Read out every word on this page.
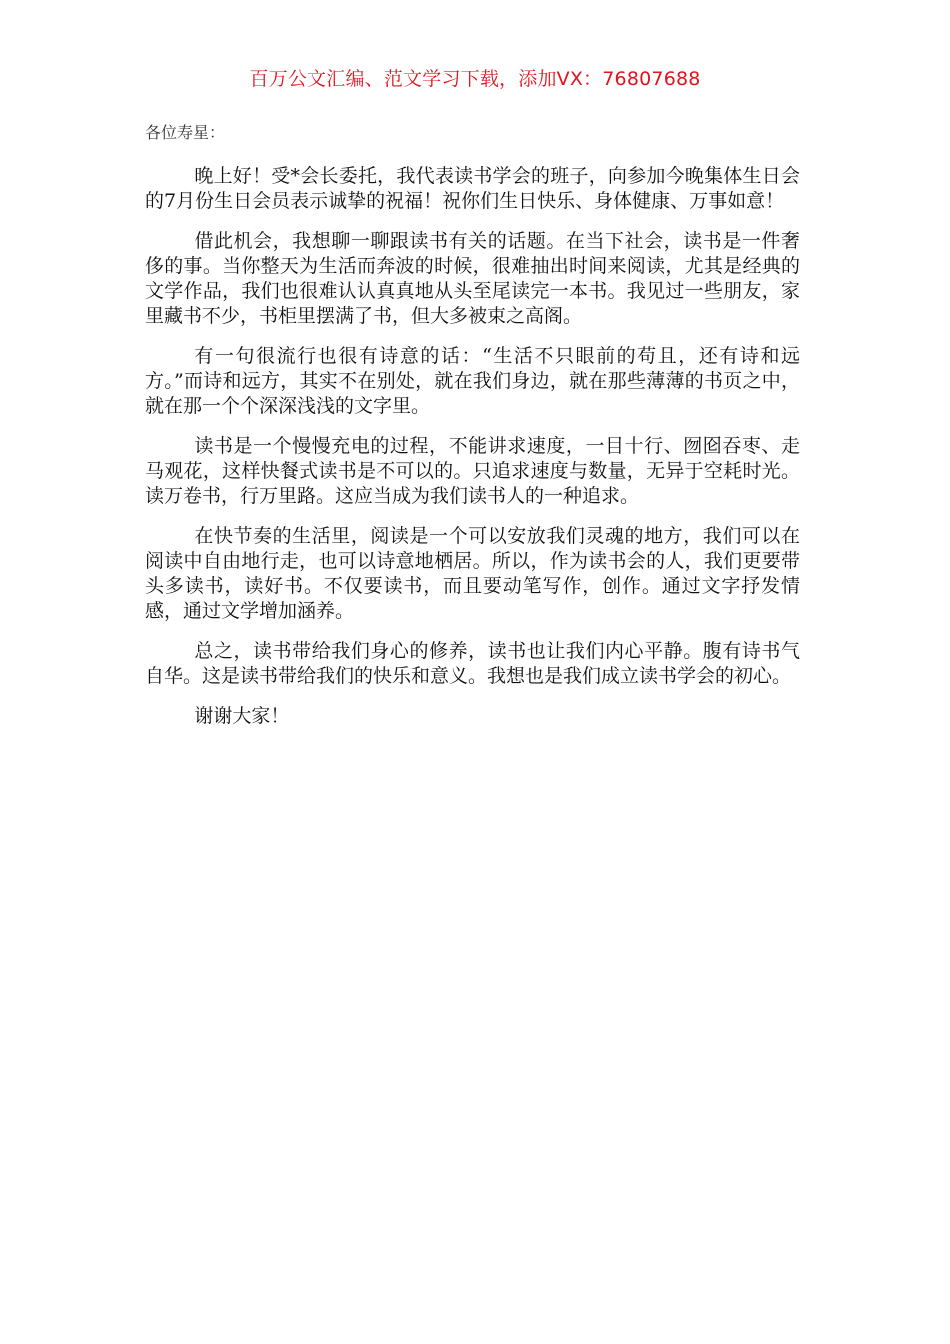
百万公文汇编、范文学习下载，添加VX：76807688
各位寿星：

晚上好！受*会长委托，我代表读书学会的班子，向参加今晚集体生日会的7月份生日会员表示诚挚的祝福！祝你们生日快乐、身体健康、万事如意！

借此机会，我想聊一聊跟读书有关的话题。在当下社会，读书是一件奢侈的事。当你整天为生活而奔波的时候，很难抽出时间来阅读，尤其是经典的文学作品，我们也很难认认真真地从头至尾读完一本书。我见过一些朋友，家里藏书不少，书柜里摆满了书，但大多被束之高阁。

有一句很流行也很有诗意的话：“生活不只眼前的苟且，还有诗和远方。”而诗和远方，其实不在别处，就在我们身边，就在那些薄薄的书页之中，就在那一个个深深浅浅的文字里。

读书是一个慢慢充电的过程，不能讲求速度，一目十行、囫囵吞枣、走马观花，这样快餐式读书是不可以的。只追求速度与数量，无异于空耗时光。读万卷书，行万里路。这应当成为我们读书人的一种追求。

在快节奏的生活里，阅读是一个可以安放我们灵魂的地方，我们可以在阅读中自由地行走，也可以诗意地栖居。所以，作为读书会的人，我们更要带头多读书，读好书。不仅要读书，而且要动笔写作，创作。通过文字抒发情感，通过文学增加涵养。

总之，读书带给我们身心的修养，读书也让我们内心平静。腹有诗书气自华。这是读书带给我们的快乐和意义。我想也是我们成立读书学会的初心。

谢谢大家！
